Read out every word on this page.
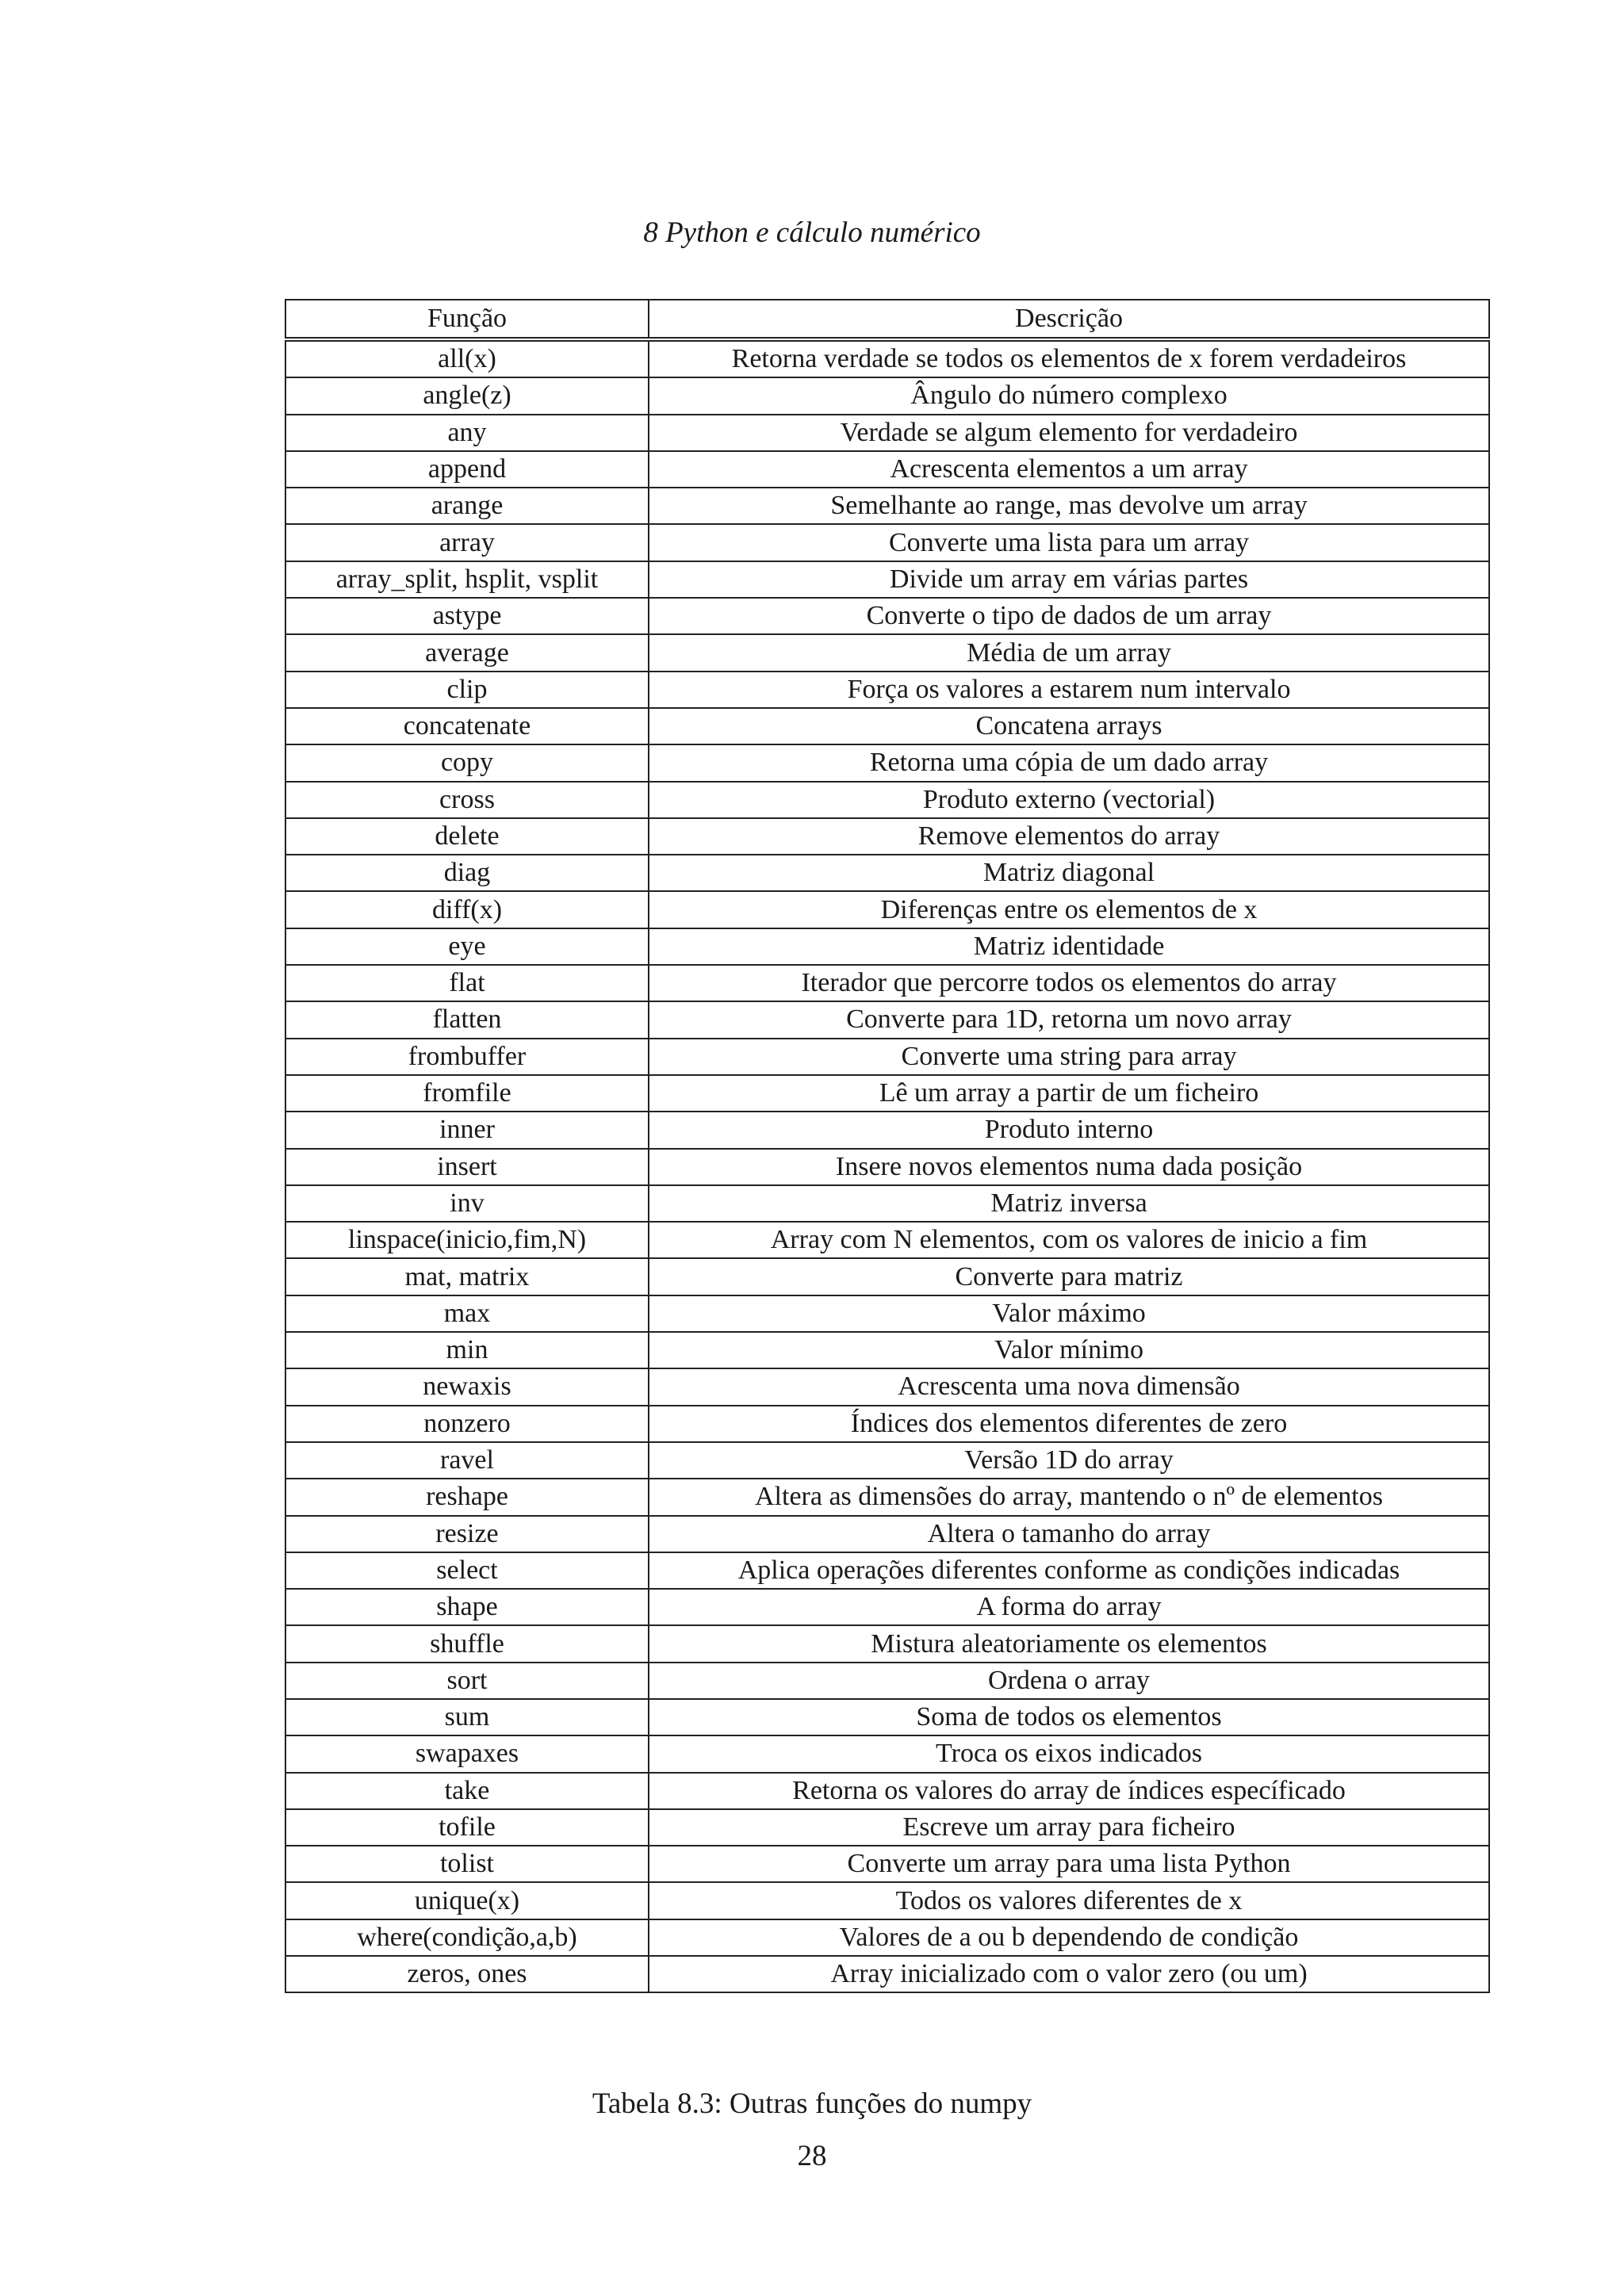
8 Python e cálculo numérico
Função	Descrição
all(x)	Retorna verdade se todos os elementos de x forem verdadeiros
angle(z)	Ângulo do número complexo
any	Verdade se algum elemento for verdadeiro
append	Acrescenta elementos a um array
arange	Semelhante ao range, mas devolve um array
array	Converte uma lista para um array
array_split, hsplit, vsplit	Divide um array em várias partes
astype	Converte o tipo de dados de um array
average	Média de um array
clip	Força os valores a estarem num intervalo
concatenate	Concatena arrays
copy	Retorna uma cópia de um dado array
cross	Produto externo (vectorial)
delete	Remove elementos do array
diag	Matriz diagonal
diff(x)	Diferenças entre os elementos de x
eye	Matriz identidade
flat	Iterador que percorre todos os elementos do array
flatten	Converte para 1D, retorna um novo array
frombuffer	Converte uma string para array
fromfile	Lê um array a partir de um ficheiro
inner	Produto interno
insert	Insere novos elementos numa dada posição
inv	Matriz inversa
linspace(inicio,fim,N)	Array com N elementos, com os valores de inicio a fim
mat, matrix	Converte para matriz
max	Valor máximo
min	Valor mínimo
newaxis	Acrescenta uma nova dimensão
nonzero	Índices dos elementos diferentes de zero
ravel	Versão 1D do array
reshape	Altera as dimensões do array, mantendo o nº de elementos
resize	Altera o tamanho do array
select	Aplica operações diferentes conforme as condições indicadas
shape	A forma do array
shuffle	Mistura aleatoriamente os elementos
sort	Ordena o array
sum	Soma de todos os elementos
swapaxes	Troca os eixos indicados
take	Retorna os valores do array de índices específicado
tofile	Escreve um array para ficheiro
tolist	Converte um array para uma lista Python
unique(x)	Todos os valores diferentes de x
where(condição,a,b)	Valores de a ou b dependendo de condição
zeros, ones	Array inicializado com o valor zero (ou um)
Tabela 8.3: Outras funções do numpy
28
